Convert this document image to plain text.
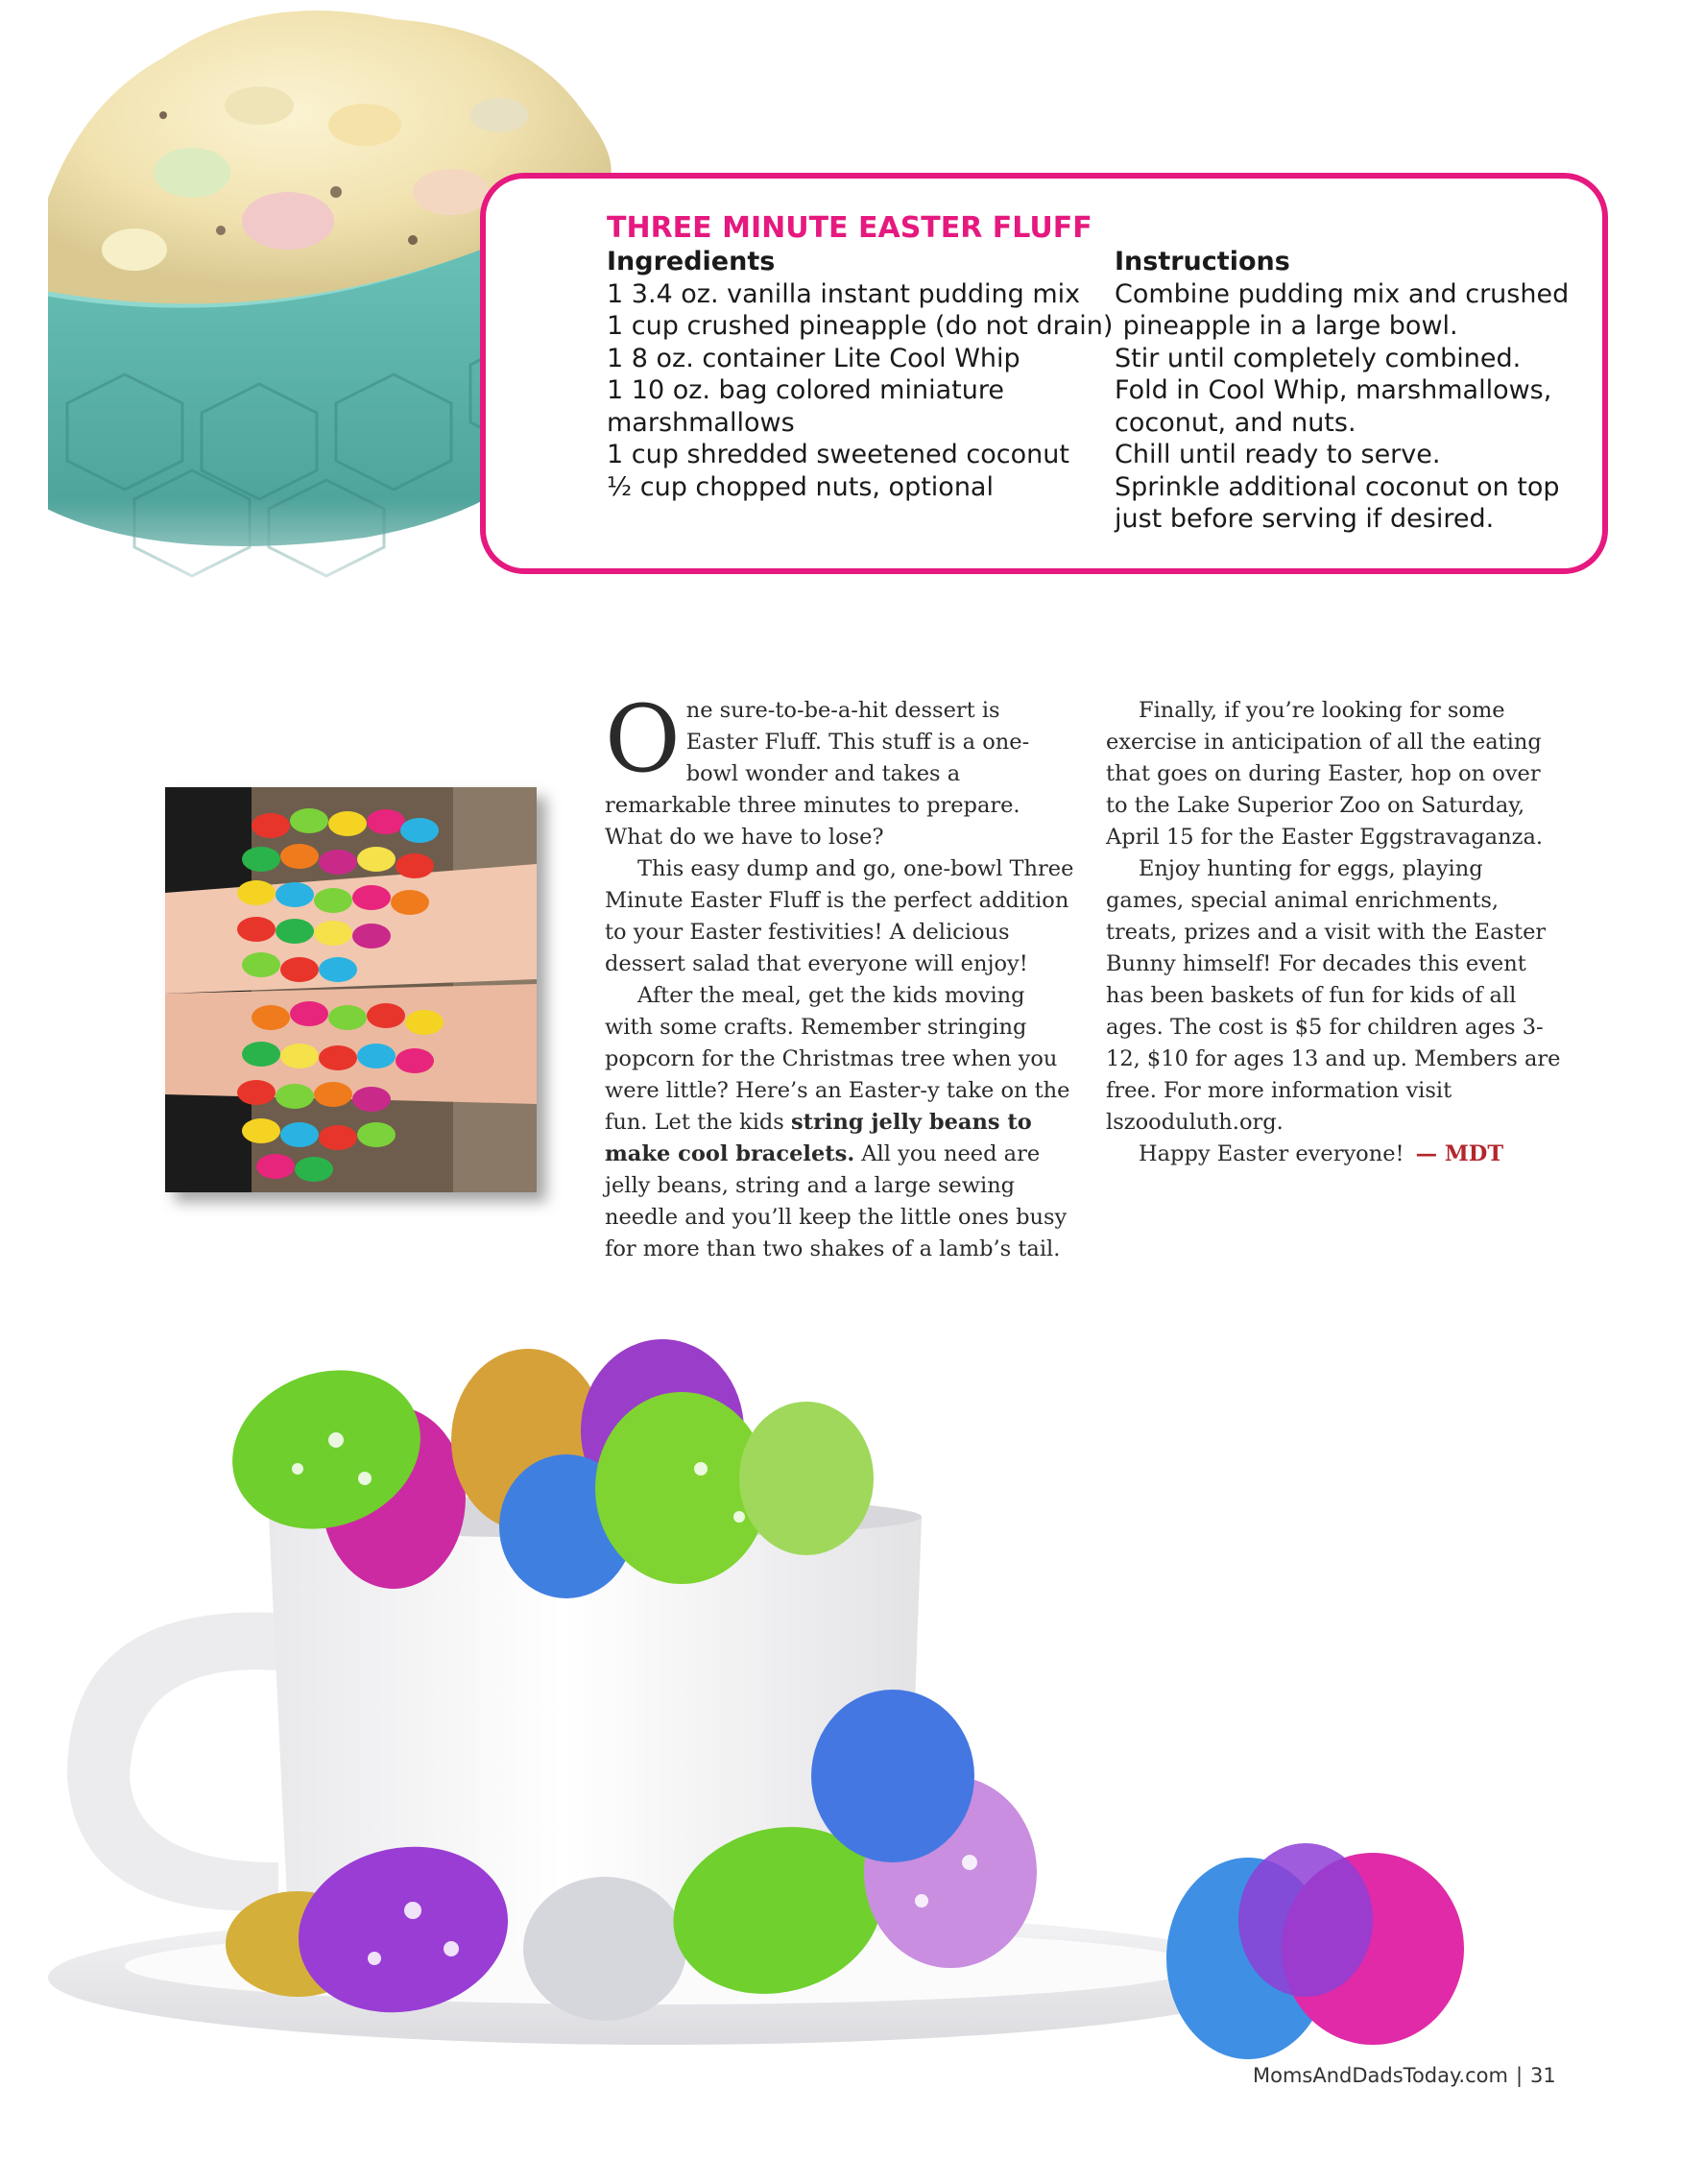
THREE MINUTE EASTER FLUFF
Ingredients
1 3.4 oz. vanilla instant pudding mix
1 cup crushed pineapple (do not drain)
1 8 oz. container Lite Cool Whip
1 10 oz. bag colored miniature
marshmallows
1 cup shredded sweetened coconut
½ cup chopped nuts, optional
Instructions
Combine pudding mix and crushed
pineapple in a large bowl.
Stir until completely combined.
Fold in Cool Whip, marshmallows,
coconut, and nuts.
Chill until ready to serve.
Sprinkle additional coconut on top
just before serving if desired.

One sure-to-be-a-hit dessert is Easter Fluff. This stuff is a one-bowl wonder and takes a remarkable three minutes to prepare. What do we have to lose?

This easy dump and go, one-bowl Three Minute Easter Fluff is the perfect addition to your Easter festivities! A delicious dessert salad that everyone will enjoy!

After the meal, get the kids moving with some crafts. Remember stringing popcorn for the Christmas tree when you were little? Here’s an Easter-y take on the fun. Let the kids string jelly beans to make cool bracelets. All you need are jelly beans, string and a large sewing needle and you’ll keep the little ones busy for more than two shakes of a lamb’s tail.

Finally, if you’re looking for some exercise in anticipation of all the eating that goes on during Easter, hop on over to the Lake Superior Zoo on Saturday, April 15 for the Easter Eggstravaganza.

Enjoy hunting for eggs, playing games, special animal enrichments, treats, prizes and a visit with the Easter Bunny himself! For decades this event has been baskets of fun for kids of all ages. The cost is $5 for children ages 3-12, $10 for ages 13 and up. Members are free. For more information visit lszooduluth.org.

Happy Easter everyone! — MDT

MomsAndDadsToday.com | 31
